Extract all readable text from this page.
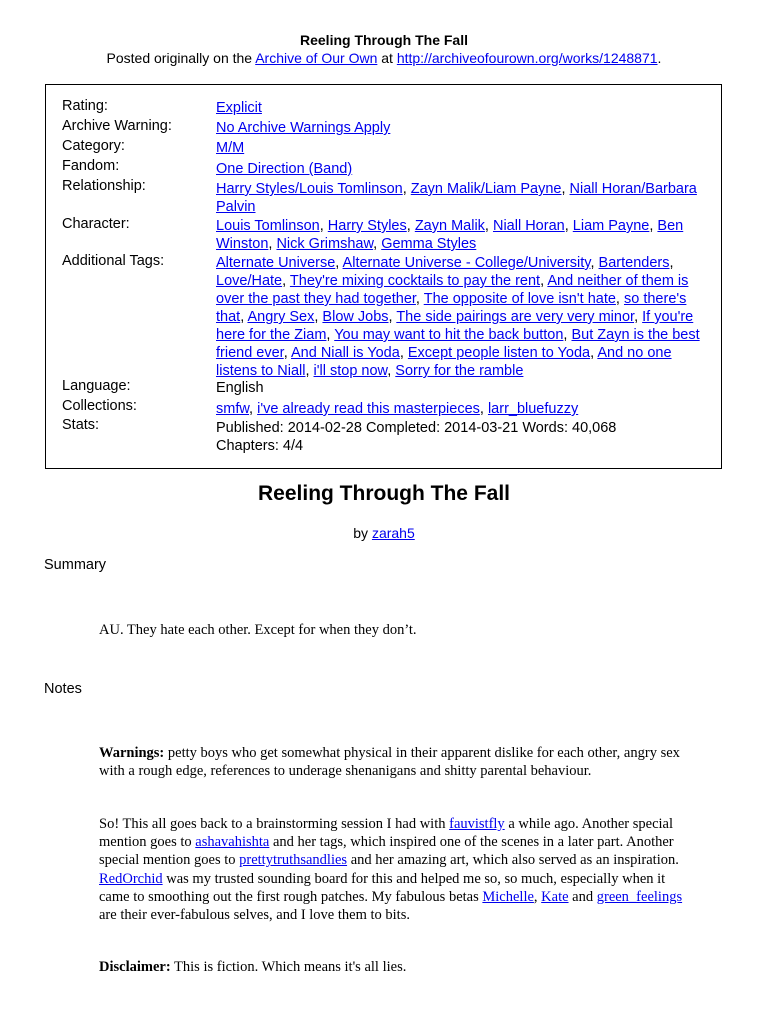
Reeling Through The Fall
Posted originally on the Archive of Our Own at http://archiveofourown.org/works/1248871.
Rating:	Explicit
Archive Warning:	No Archive Warnings Apply
Category:	M/M
Fandom:	One Direction (Band)
Relationship:	Harry Styles/Louis Tomlinson, Zayn Malik/Liam Payne, Niall Horan/Barbara Palvin
Character:	Louis Tomlinson, Harry Styles, Zayn Malik, Niall Horan, Liam Payne, Ben Winston, Nick Grimshaw, Gemma Styles
Additional Tags:	Alternate Universe, Alternate Universe - College/University, Bartenders, Love/Hate, They're mixing cocktails to pay the rent, And neither of them is over the past they had together, The opposite of love isn't hate, so there's that, Angry Sex, Blow Jobs, The side pairings are very very minor, If you're here for the Ziam, You may want to hit the back button, But Zayn is the best friend ever, And Niall is Yoda, Except people listen to Yoda, And no one listens to Niall, i'll stop now, Sorry for the ramble
Language:	English
Collections:	smfw, i've already read this masterpieces, larr_bluefuzzy
Stats:	Published: 2014-02-28 Completed: 2014-03-21 Words: 40,068
Chapters: 4/4
Reeling Through The Fall
by zarah5
Summary
AU. They hate each other. Except for when they don’t.
Notes
Warnings: petty boys who get somewhat physical in their apparent dislike for each other, angry sex with a rough edge, references to underage shenanigans and shitty parental behaviour.
So! This all goes back to a brainstorming session I had with fauvistfly a while ago. Another special mention goes to ashavahishta and her tags, which inspired one of the scenes in a later part. Another special mention goes to prettytruthsandlies and her amazing art, which also served as an inspiration. RedOrchid was my trusted sounding board for this and helped me so, so much, especially when it came to smoothing out the first rough patches. My fabulous betas Michelle, Kate and green_feelings are their ever-fabulous selves, and I love them to bits.
Disclaimer: This is fiction. Which means it's all lies.
